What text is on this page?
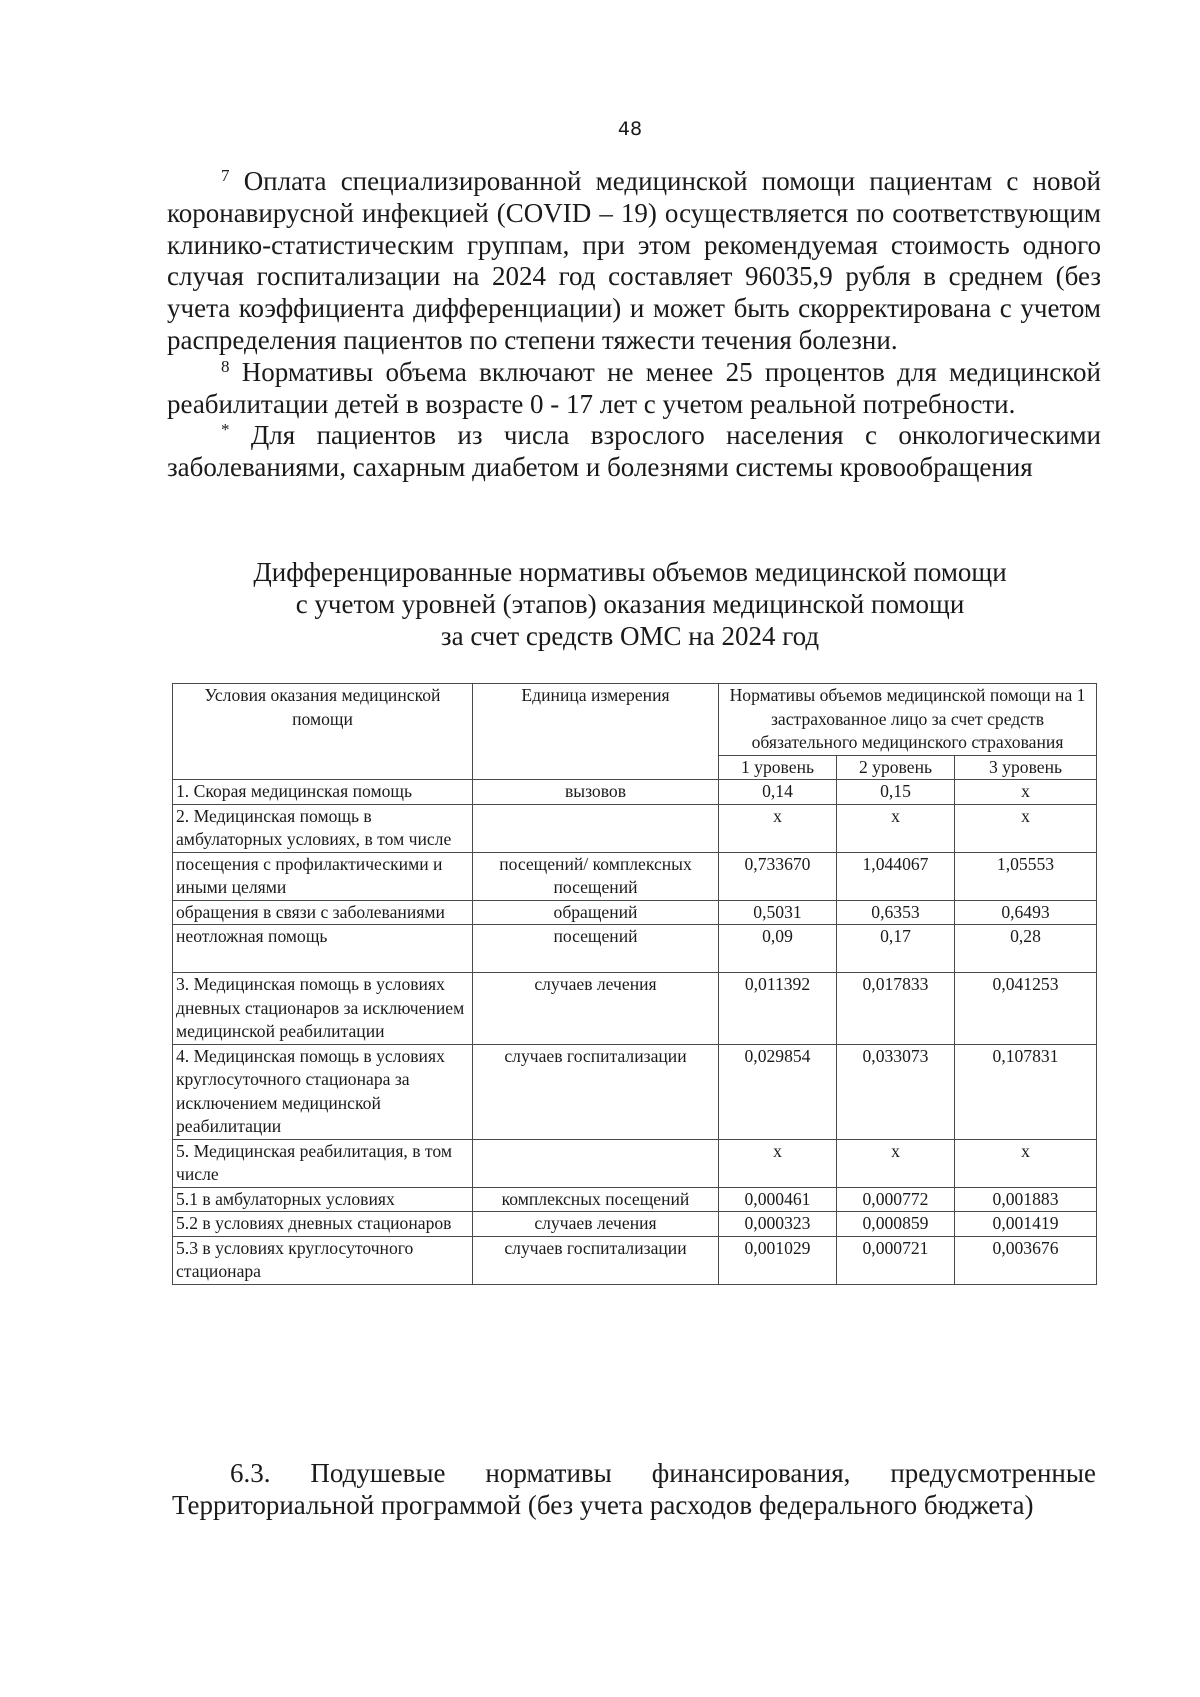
48

$^7$ Оплата специализированной медицинской помощи пациентам с новой коронавирусной инфекцией (COVID – 19) осуществляется по соответствующим клинико-статистическим группам, при этом рекомендуемая стоимость одного случая госпитализации на 2024 год составляет 96035,9 рубля в среднем (без учета коэффициента дифференциации) и может быть скорректирована с учетом распределения пациентов по степени тяжести течения болезни.

$^8$ Нормативы объема включают не менее 25 процентов для медицинской реабилитации детей в возрасте 0 - 17 лет с учетом реальной потребности.

* Для пациентов из числа взрослого населения с онкологическими заболеваниями, сахарным диабетом и болезнями системы кровообращения

Дифференцированные нормативы объемов медицинской помощи
с учетом уровней (этапов) оказания медицинской помощи
за счет средств ОМС на 2024 год
Условия оказания медицинской помощи	Единица измерения	Нормативы объемов медицинской помощи на 1 застрахованное лицо за счет средств обязательного медицинского страхования		
		1 уровень	2 уровень	3 уровень
1. Скорая медицинская помощь	вызовов	0,14	0,15	х
2. Медицинская помощь в амбулаторных условиях, в том числе		х	х	х
посещения с профилактическими и иными целями	посещений/ комплексных посещений	0,733670	1,044067	1,05553
обращения в связи с заболеваниями	обращений	0,5031	0,6353	0,6493
неотложная помощь	посещений	0,09	0,17	0,28
3. Медицинская помощь в условиях дневных стационаров за исключением медицинской реабилитации	случаев лечения	0,011392	0,017833	0,041253
4. Медицинская помощь в условиях круглосуточного стационара за исключением медицинской реабилитации	случаев госпитализации	0,029854	0,033073	0,107831
5. Медицинская реабилитация, в том числе		х	х	х
5.1 в амбулаторных условиях	комплексных посещений	0,000461	0,000772	0,001883
5.2 в условиях дневных стационаров	случаев лечения	0,000323	0,000859	0,001419
5.3 в условиях круглосуточного стационара	случаев госпитализации	0,001029	0,000721	0,003676

6.3. Подушевые нормативы финансирования, предусмотренные

Территориальной программой (без учета расходов федерального бюджета)
